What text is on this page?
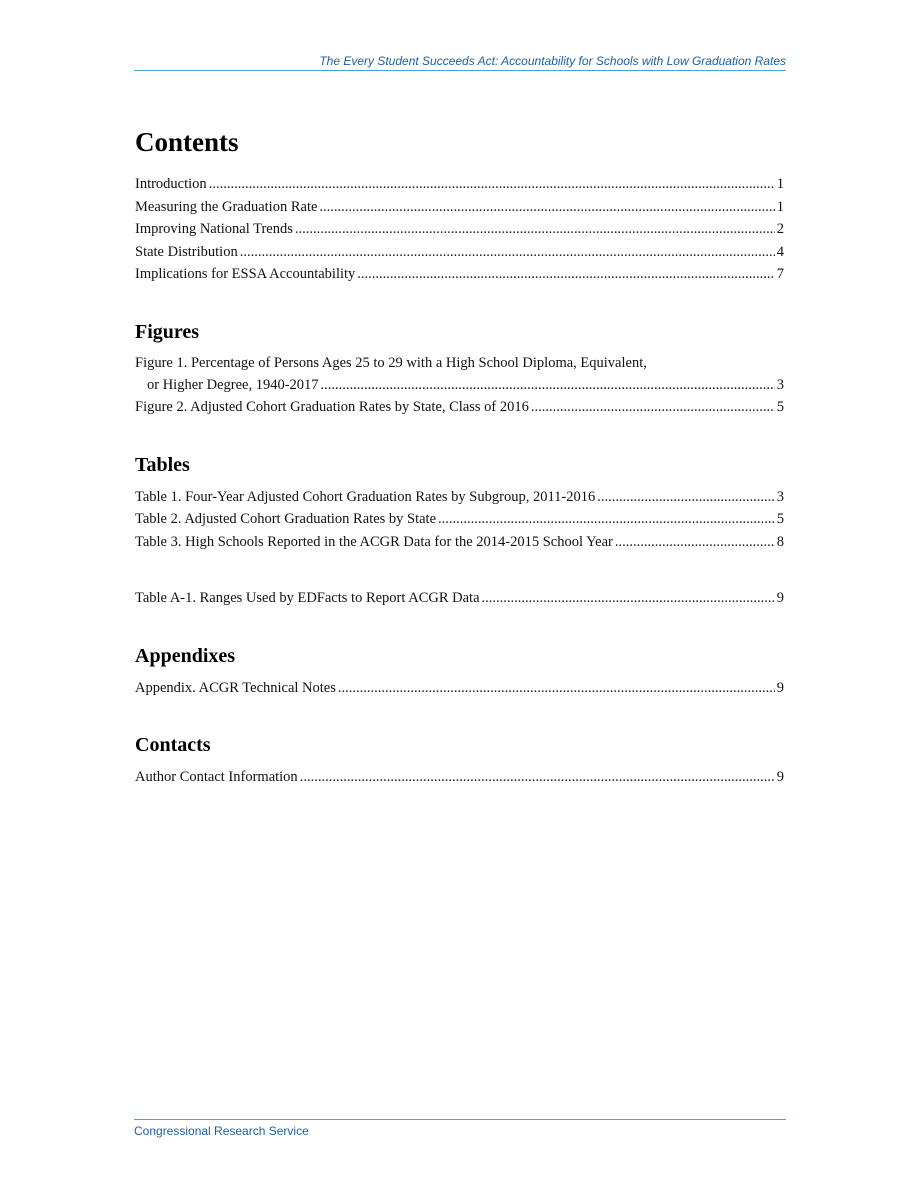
The Every Student Succeeds Act: Accountability for Schools with Low Graduation Rates
Contents
Introduction .....	1
Measuring the Graduation Rate .....	1
Improving National Trends .....	2
State Distribution .....	4
Implications for ESSA Accountability .....	7
Figures
Figure 1. Percentage of Persons Ages 25 to 29 with a High School Diploma, Equivalent,
or Higher Degree, 1940-2017 .....	3
Figure 2. Adjusted Cohort Graduation Rates by State, Class of 2016 .....	5
Tables
Table 1. Four-Year Adjusted Cohort Graduation Rates by Subgroup, 2011-2016 .....	3
Table 2. Adjusted Cohort Graduation Rates by State .....	5
Table 3. High Schools Reported in the ACGR Data for the 2014-2015 School Year .....	8
Table A-1. Ranges Used by EDFacts to Report ACGR Data .....	9
Appendixes
Appendix. ACGR Technical Notes .....	9
Contacts
Author Contact Information .....	9
Congressional Research Service
